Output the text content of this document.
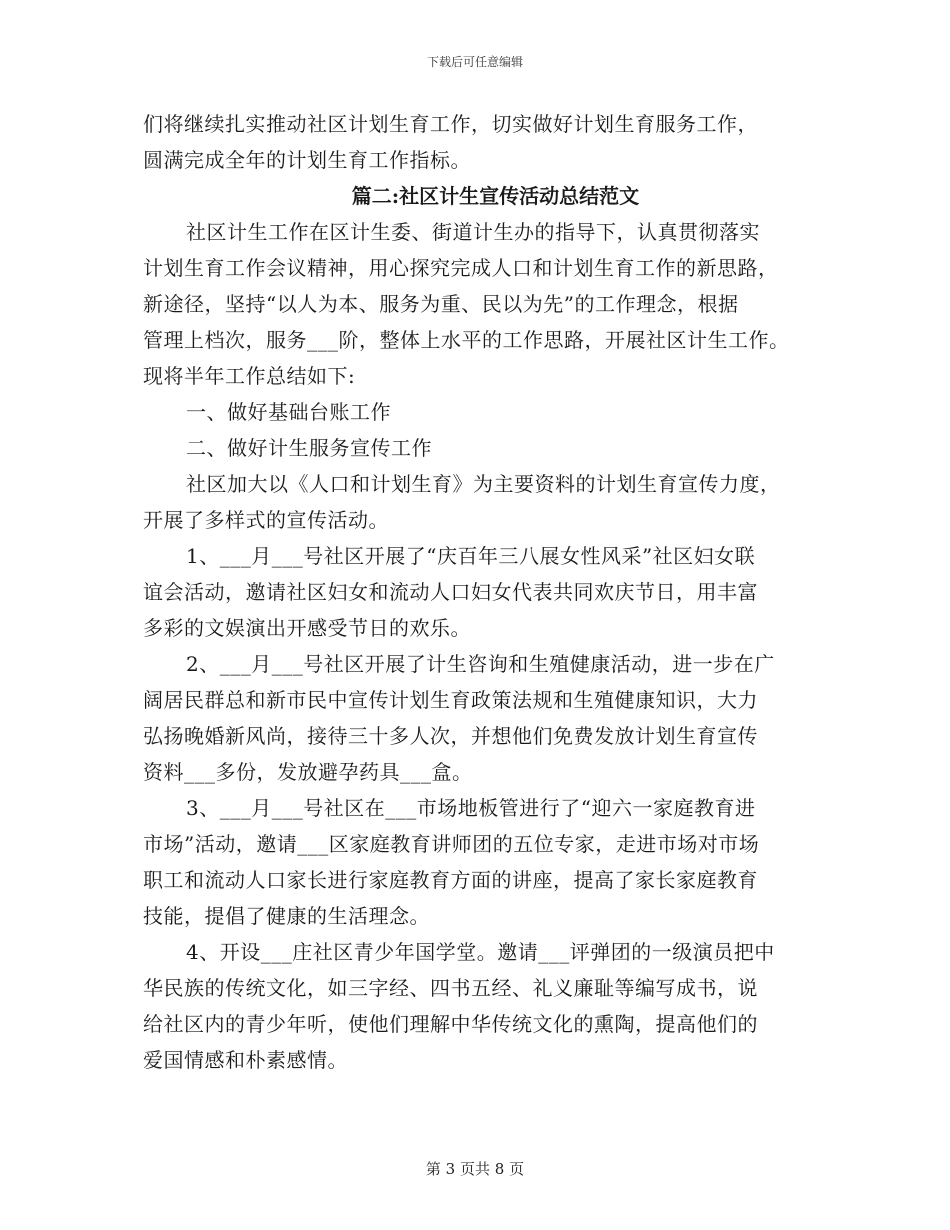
下载后可任意编辑
们将继续扎实推动社区计划生育工作，切实做好计划生育服务工作，
圆满完成全年的计划生育工作指标。
篇二:社区计生宣传活动总结范文
社区计生工作在区计生委、街道计生办的指导下，认真贯彻落实
计划生育工作会议精神，用心探究完成人口和计划生育工作的新思路，
新途径，坚持“以人为本、服务为重、民以为先”的工作理念，根据
管理上档次，服务___阶，整体上水平的工作思路，开展社区计生工作。
现将半年工作总结如下:
一、做好基础台账工作
二、做好计生服务宣传工作
社区加大以《人口和计划生育》为主要资料的计划生育宣传力度，
开展了多样式的宣传活动。
1、___月___号社区开展了“庆百年三八展女性风采”社区妇女联
谊会活动，邀请社区妇女和流动人口妇女代表共同欢庆节日，用丰富
多彩的文娱演出开感受节日的欢乐。
2、___月___号社区开展了计生咨询和生殖健康活动，进一步在广
阔居民群总和新市民中宣传计划生育政策法规和生殖健康知识，大力
弘扬晚婚新风尚，接待三十多人次，并想他们免费发放计划生育宣传
资料___多份，发放避孕药具___盒。
3、___月___号社区在___市场地板管进行了“迎六一家庭教育进
市场”活动，邀请___区家庭教育讲师团的五位专家，走进市场对市场
职工和流动人口家长进行家庭教育方面的讲座，提高了家长家庭教育
技能，提倡了健康的生活理念。
4、开设___庄社区青少年国学堂。邀请___评弹团的一级演员把中
华民族的传统文化，如三字经、四书五经、礼义廉耻等编写成书，说
给社区内的青少年听，使他们理解中华传统文化的熏陶，提高他们的
爱国情感和朴素感情。
第 3 页共 8 页
